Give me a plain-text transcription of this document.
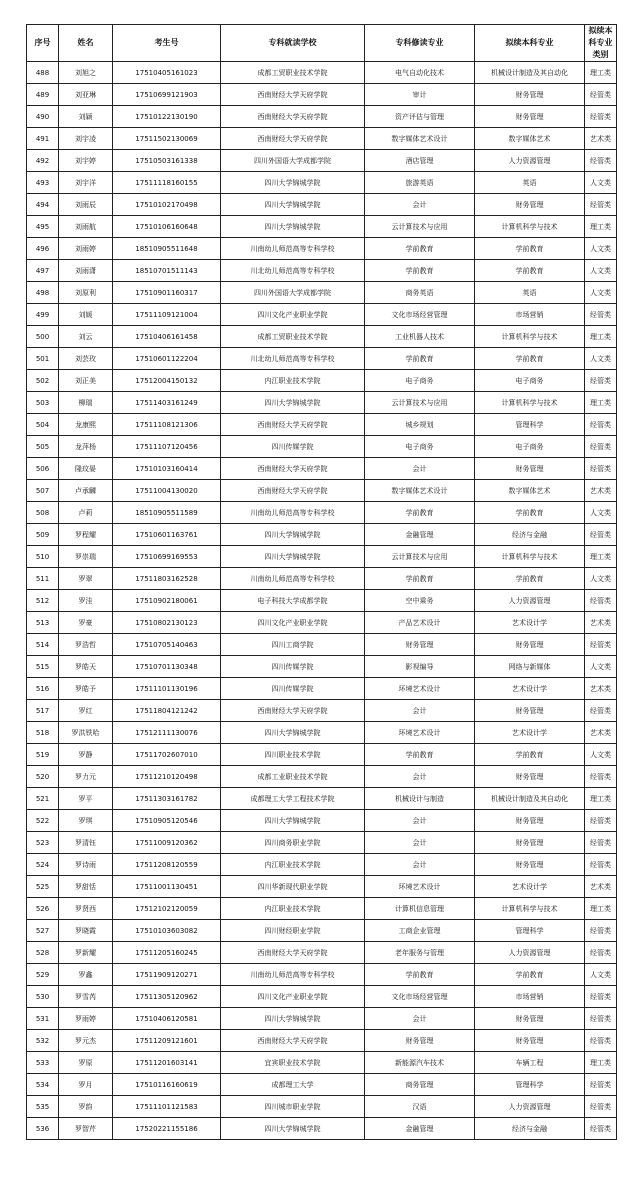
序号	姓名	考生号	专科就读学校	专科修读专业	拟续本科专业	拟续本科专业类别
488	刘旭之	17510405161023	成都工贸职业技术学院	电气自动化技术	机械设计制造及其自动化	理工类
489	刘亚琳	17510699121903	西南财经大学天府学院	审计	财务管理	经管类
490	刘颖	17510122130190	西南财经大学天府学院	资产评估与管理	财务管理	经管类
491	刘宇凌	17511502130069	西南财经大学天府学院	数字媒体艺术设计	数字媒体艺术	艺术类
492	刘宇婷	17510503161338	四川外国语大学成都学院	酒店管理	人力资源管理	经管类
493	刘宇洋	17511118160155	四川大学锦城学院	旅游英语	英语	人文类
494	刘雨辰	17510102170498	四川大学锦城学院	会计	财务管理	经管类
495	刘雨航	17510106160648	四川大学锦城学院	云计算技术与应用	计算机科学与技术	理工类
496	刘雨婷	18510905511648	川南幼儿师范高等专科学校	学前教育	学前教育	人文类
497	刘雨潇	18510701511143	川北幼儿师范高等专科学校	学前教育	学前教育	人文类
498	刘原利	17510901160317	四川外国语大学成都学院	商务英语	英语	人文类
499	刘媛	17511109121004	四川文化产业职业学院	文化市场经营管理	市场营销	经管类
500	刘云	17510406161458	成都工贸职业技术学院	工业机器人技术	计算机科学与技术	理工类
501	刘芸玫	17510601122204	川北幼儿师范高等专科学校	学前教育	学前教育	人文类
502	刘正美	17512004150132	内江职业技术学院	电子商务	电子商务	经管类
503	柳瑞	17511403161249	四川大学锦城学院	云计算技术与应用	计算机科学与技术	理工类
504	龙康熙	17511108121306	西南财经大学天府学院	城乡规划	管理科学	经管类
505	龙萍杨	17511107120456	四川传媒学院	电子商务	电子商务	经管类
506	隆玟晏	17510103160414	西南财经大学天府学院	会计	财务管理	经管类
507	卢承麟	17511004130020	西南财经大学天府学院	数字媒体艺术设计	数字媒体艺术	艺术类
508	卢莉	18510905511589	川南幼儿师范高等专科学校	学前教育	学前教育	人文类
509	罗程耀	17510601163761	四川大学锦城学院	金融管理	经济与金融	经管类
510	罗崇瑞	17510699169553	四川大学锦城学院	云计算技术与应用	计算机科学与技术	理工类
511	罗翠	17511803162528	川南幼儿师范高等专科学校	学前教育	学前教育	人文类
512	罗洼	17510902180061	电子科技大学成都学院	空中乘务	人力资源管理	经管类
513	罗豪	17510802130123	四川文化产业职业学院	产品艺术设计	艺术设计学	艺术类
514	罗浩哲	17510705140463	四川工商学院	财务管理	财务管理	经管类
515	罗皓天	17510701130348	四川传媒学院	影视编导	网络与新媒体	人文类
516	罗皓予	17511101130196	四川传媒学院	环境艺术设计	艺术设计学	艺术类
517	罗红	17511804121242	西南财经大学天府学院	会计	财务管理	经管类
518	罗洪铁哈	17512111130076	四川大学锦城学院	环境艺术设计	艺术设计学	艺术类
519	罗静	17511702607010	四川职业技术学院	学前教育	学前教育	人文类
520	罗力元	17511210120498	成都工业职业技术学院	会计	财务管理	经管类
521	罗平	17511303161782	成都理工大学工程技术学院	机械设计与制造	机械设计制造及其自动化	理工类
522	罗琪	17510905120546	四川大学锦城学院	会计	财务管理	经管类
523	罗清钰	17511009120362	四川商务职业学院	会计	财务管理	经管类
524	罗诗雨	17511208120559	内江职业技术学院	会计	财务管理	经管类
525	罗甜恬	17511001130451	四川华新现代职业学院	环境艺术设计	艺术设计学	艺术类
526	罗贤西	17512102120059	内江职业技术学院	计算机信息管理	计算机科学与技术	理工类
527	罗晓霞	17510103603082	四川财经职业学院	工商企业管理	管理科学	经管类
528	罗新耀	17511205160245	西南财经大学天府学院	老年服务与管理	人力资源管理	经管类
529	罗鑫	17511909120271	川南幼儿师范高等专科学校	学前教育	学前教育	人文类
530	罗雪芮	17511305120962	四川文化产业职业学院	文化市场经营管理	市场营销	经管类
531	罗雨婷	17510406120581	四川大学锦城学院	会计	财务管理	经管类
532	罗元杰	17511209121601	西南财经大学天府学院	财务管理	财务管理	经管类
533	罗原	17511201603141	宜宾职业技术学院	新能源汽车技术	车辆工程	理工类
534	罗月	17510116160619	成都理工大学	商务管理	管理科学	经管类
535	罗韵	17511101121583	四川城市职业学院	汉语	人力资源管理	经管类
536	罗智芹	17520221155186	四川大学锦城学院	金融管理	经济与金融	经管类
